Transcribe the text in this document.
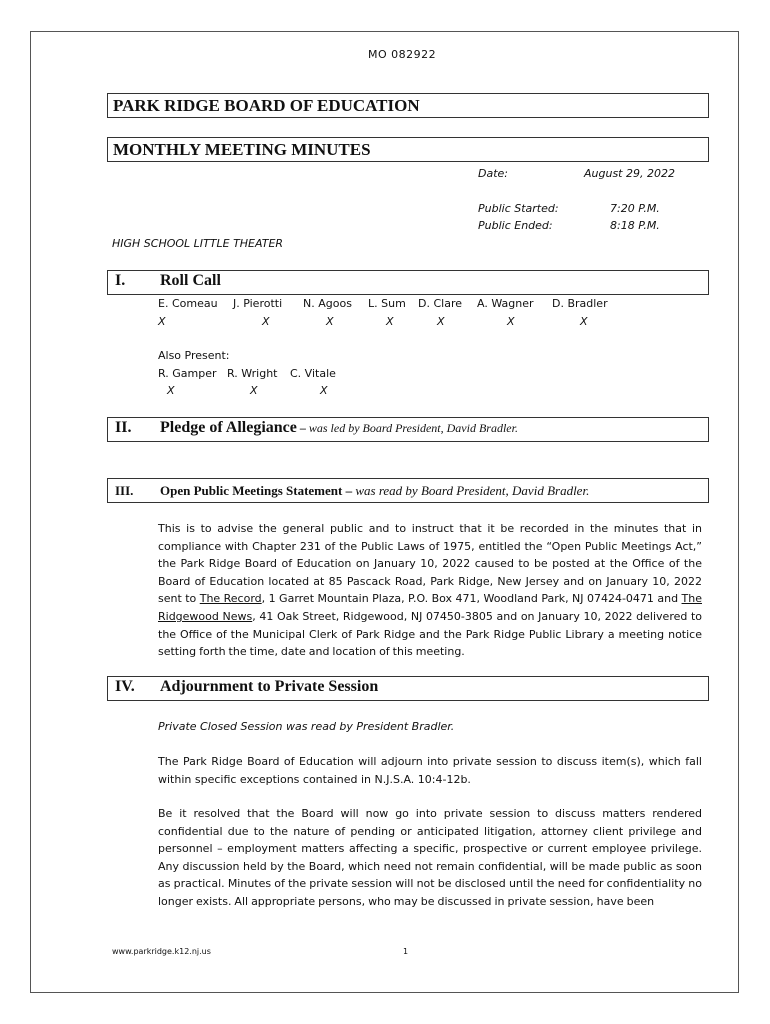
MO 082922
PARK RIDGE BOARD OF EDUCATION
MONTHLY MEETING MINUTES
Date:	August 29, 2022
Public Started:	7:20 P.M.
Public Ended:	8:18 P.M.
HIGH SCHOOL LITTLE THEATER
I. Roll Call
E. Comeau J. Pierotti N. Agoos L. Sum D. Clare A. Wagner D. Bradler
X	X	X	X	X	X	X
Also Present:
R. Gamper R. Wright C. Vitale
X	X	X
II. Pledge of Allegiance – was led by Board President, David Bradler.
III. Open Public Meetings Statement – was read by Board President, David Bradler.
This is to advise the general public and to instruct that it be recorded in the minutes that in compliance with Chapter 231 of the Public Laws of 1975, entitled the “Open Public Meetings Act,” the Park Ridge Board of Education on January 10, 2022 caused to be posted at the Office of the Board of Education located at 85 Pascack Road, Park Ridge, New Jersey and on January 10, 2022 sent to The Record, 1 Garret Mountain Plaza, P.O. Box 471, Woodland Park, NJ 07424-0471 and The Ridgewood News, 41 Oak Street, Ridgewood, NJ 07450-3805 and on January 10, 2022 delivered to the Office of the Municipal Clerk of Park Ridge and the Park Ridge Public Library a meeting notice setting forth the time, date and location of this meeting.
IV. Adjournment to Private Session
Private Closed Session was read by President Bradler.
The Park Ridge Board of Education will adjourn into private session to discuss item(s), which fall within specific exceptions contained in N.J.S.A. 10:4-12b.
Be it resolved that the Board will now go into private session to discuss matters rendered confidential due to the nature of pending or anticipated litigation, attorney client privilege and personnel – employment matters affecting a specific, prospective or current employee privilege. Any discussion held by the Board, which need not remain confidential, will be made public as soon as practical. Minutes of the private session will not be disclosed until the need for confidentiality no longer exists. All appropriate persons, who may be discussed in private session, have been
www.parkridge.k12.nj.us	1
